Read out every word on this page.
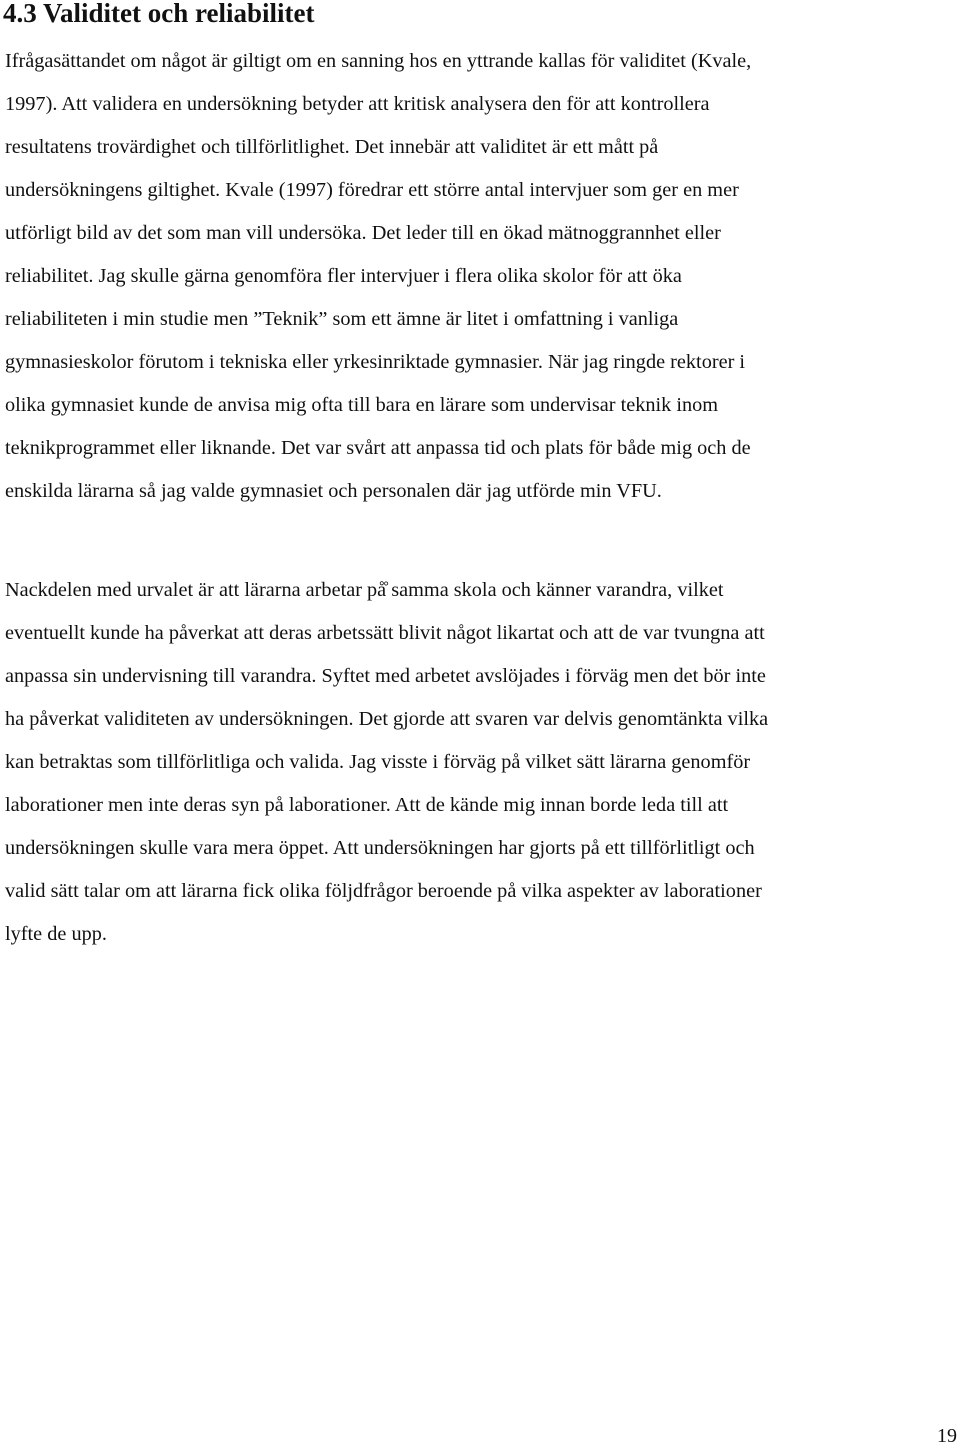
4.3 Validitet och reliabilitet

Ifrågasättandet om något är giltigt om en sanning hos en yttrande kallas för validitet (Kvale,
1997). Att validera en undersökning betyder att kritisk analysera den för att kontrollera
resultatens trovärdighet och tillförlitlighet. Det innebär att validitet är ett mått på
undersökningens giltighet. Kvale (1997) föredrar ett större antal intervjuer som ger en mer
utförligt bild av det som man vill undersöka. Det leder till en ökad mätnoggrannhet eller
reliabilitet. Jag skulle gärna genomföra fler intervjuer i flera olika skolor för att öka
reliabiliteten i min studie men ”Teknik” som ett ämne är litet i omfattning i vanliga
gymnasieskolor förutom i tekniska eller yrkesinriktade gymnasier. När jag ringde rektorer i
olika gymnasiet kunde de anvisa mig ofta till bara en lärare som undervisar teknik inom
teknikprogrammet eller liknande. Det var svårt att anpassa tid och plats för både mig och de
enskilda lärarna så jag valde gymnasiet och personalen där jag utförde min VFU.

Nackdelen med urvalet är att lärarna arbetar på̊ samma skola och känner varandra, vilket
eventuellt kunde ha påverkat att deras arbetssätt blivit något likartat och att de var tvungna att
anpassa sin undervisning till varandra. Syftet med arbetet avslöjades i förväg men det bör inte
ha påverkat validiteten av undersökningen. Det gjorde att svaren var delvis genomtänkta vilka
kan betraktas som tillförlitliga och valida. Jag visste i förväg på vilket sätt lärarna genomför
laborationer men inte deras syn på laborationer. Att de kände mig innan borde leda till att
undersökningen skulle vara mera öppet. Att undersökningen har gjorts på ett tillförlitligt och
valid sätt talar om att lärarna fick olika följdfrågor beroende på vilka aspekter av laborationer
lyfte de upp.

19
